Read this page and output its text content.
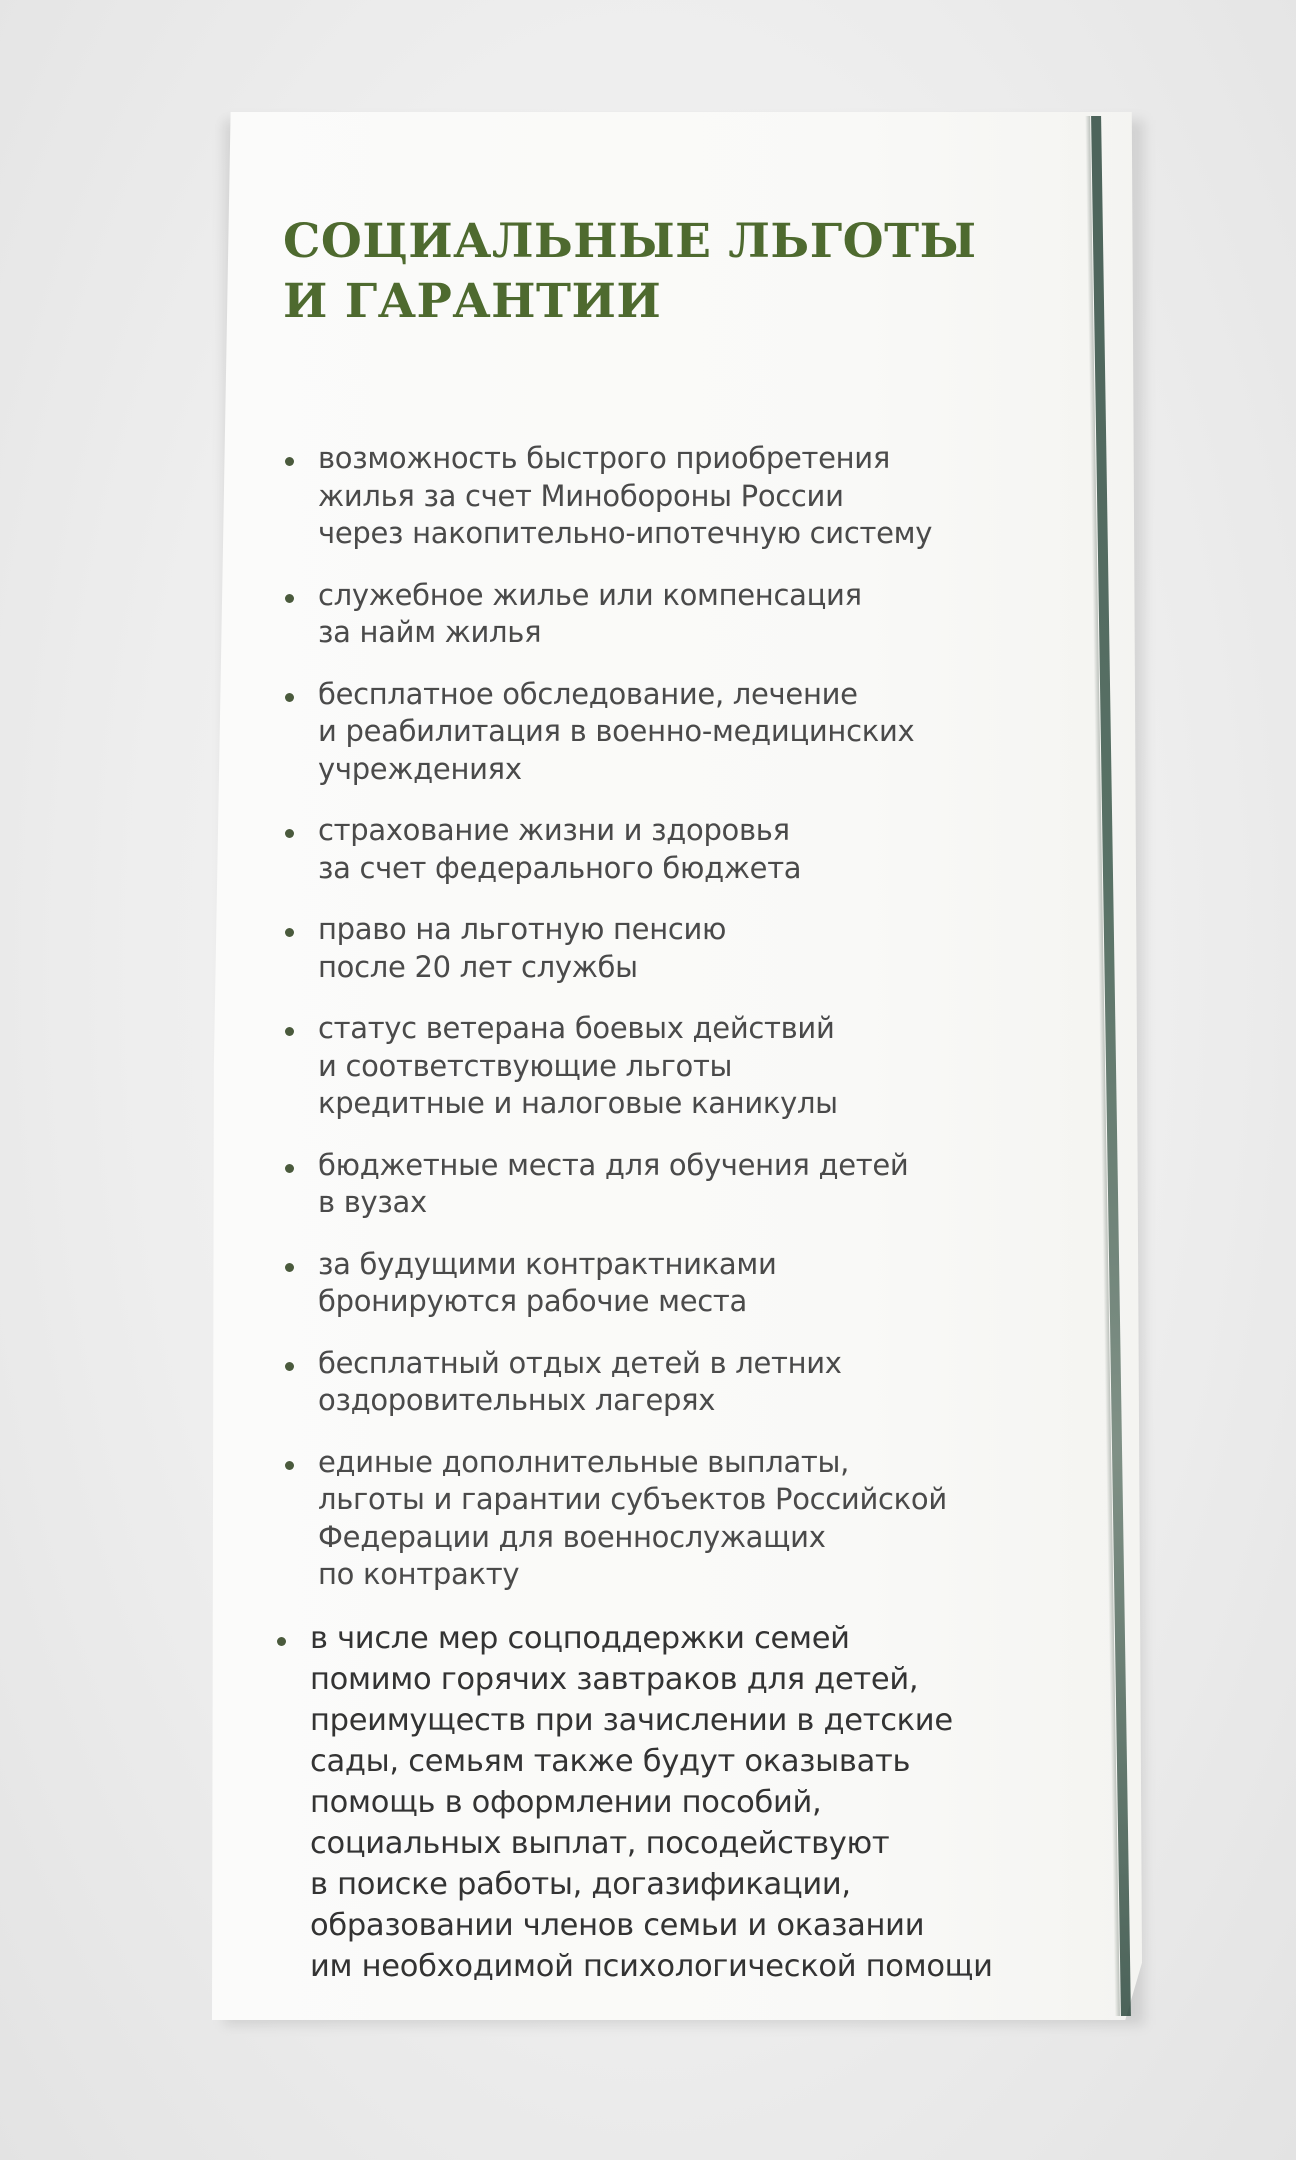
СОЦИАЛЬНЫЕ ЛЬГОТЫ
И ГАРАНТИИ
возможность быстрого приобретения
жилья за счет Минобороны России
через накопительно-ипотечную систему
служебное жилье или компенсация
за найм жилья
бесплатное обследование, лечение
и реабилитация в военно-медицинских
учреждениях
страхование жизни и здоровья
за счет федерального бюджета
право на льготную пенсию
после 20 лет службы
статус ветерана боевых действий
и соответствующие льготы
кредитные и налоговые каникулы
бюджетные места для обучения детей
в вузах
за будущими контрактниками
бронируются рабочие места
бесплатный отдых детей в летних
оздоровительных лагерях
единые дополнительные выплаты,
льготы и гарантии субъектов Российской
Федерации для военнослужащих
по контракту
в числе мер соцподдержки семей
помимо горячих завтраков для детей,
преимуществ при зачислении в детские
сады, семьям также будут оказывать
помощь в оформлении пособий,
социальных выплат, посодействуют
в поиске работы, догазификации,
образовании членов семьи и оказании
им необходимой психологической помощи
